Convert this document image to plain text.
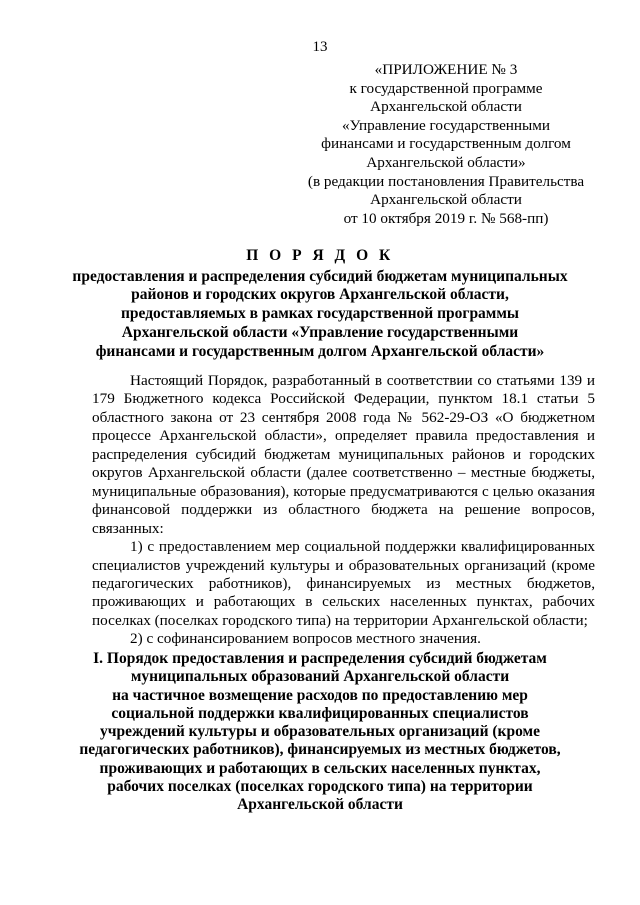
13
«ПРИЛОЖЕНИЕ № 3
к государственной программе
Архангельской области
«Управление государственными
финансами и государственным долгом
Архангельской области»
(в редакции постановления Правительства
Архангельской области
от 10 октября 2019 г. № 568-пп)
П О Р Я Д О К
предоставления и распределения субсидий бюджетам муниципальных
районов и городских округов Архангельской области,
предоставляемых в рамках государственной программы
Архангельской области «Управление государственными
финансами и государственным долгом Архангельской области»

Настоящий Порядок, разработанный в соответствии со статьями 139 и 179 Бюджетного кодекса Российской Федерации, пунктом 18.1 статьи 5 областного закона от 23 сентября 2008 года № 562-29-ОЗ «О бюджетном процессе Архангельской области», определяет правила предоставления и распределения субсидий бюджетам муниципальных районов и городских округов Архангельской области (далее соответственно – местные бюджеты, муниципальные образования), которые предусматриваются с целью оказания финансовой поддержки из областного бюджета на решение вопросов, связанных:

1) с предоставлением мер социальной поддержки квалифицированных специалистов учреждений культуры и образовательных организаций (кроме педагогических работников), финансируемых из местных бюджетов, проживающих и работающих в сельских населенных пунктах, рабочих поселках (поселках городского типа) на территории Архангельской области;

2) с софинансированием вопросов местного значения.

I. Порядок предоставления и распределения субсидий бюджетам
муниципальных образований Архангельской области
на частичное возмещение расходов по предоставлению мер
социальной поддержки квалифицированных специалистов
учреждений культуры и образовательных организаций (кроме
педагогических работников), финансируемых из местных бюджетов,
проживающих и работающих в сельских населенных пунктах,
рабочих поселках (поселках городского типа) на территории
Архангельской области
